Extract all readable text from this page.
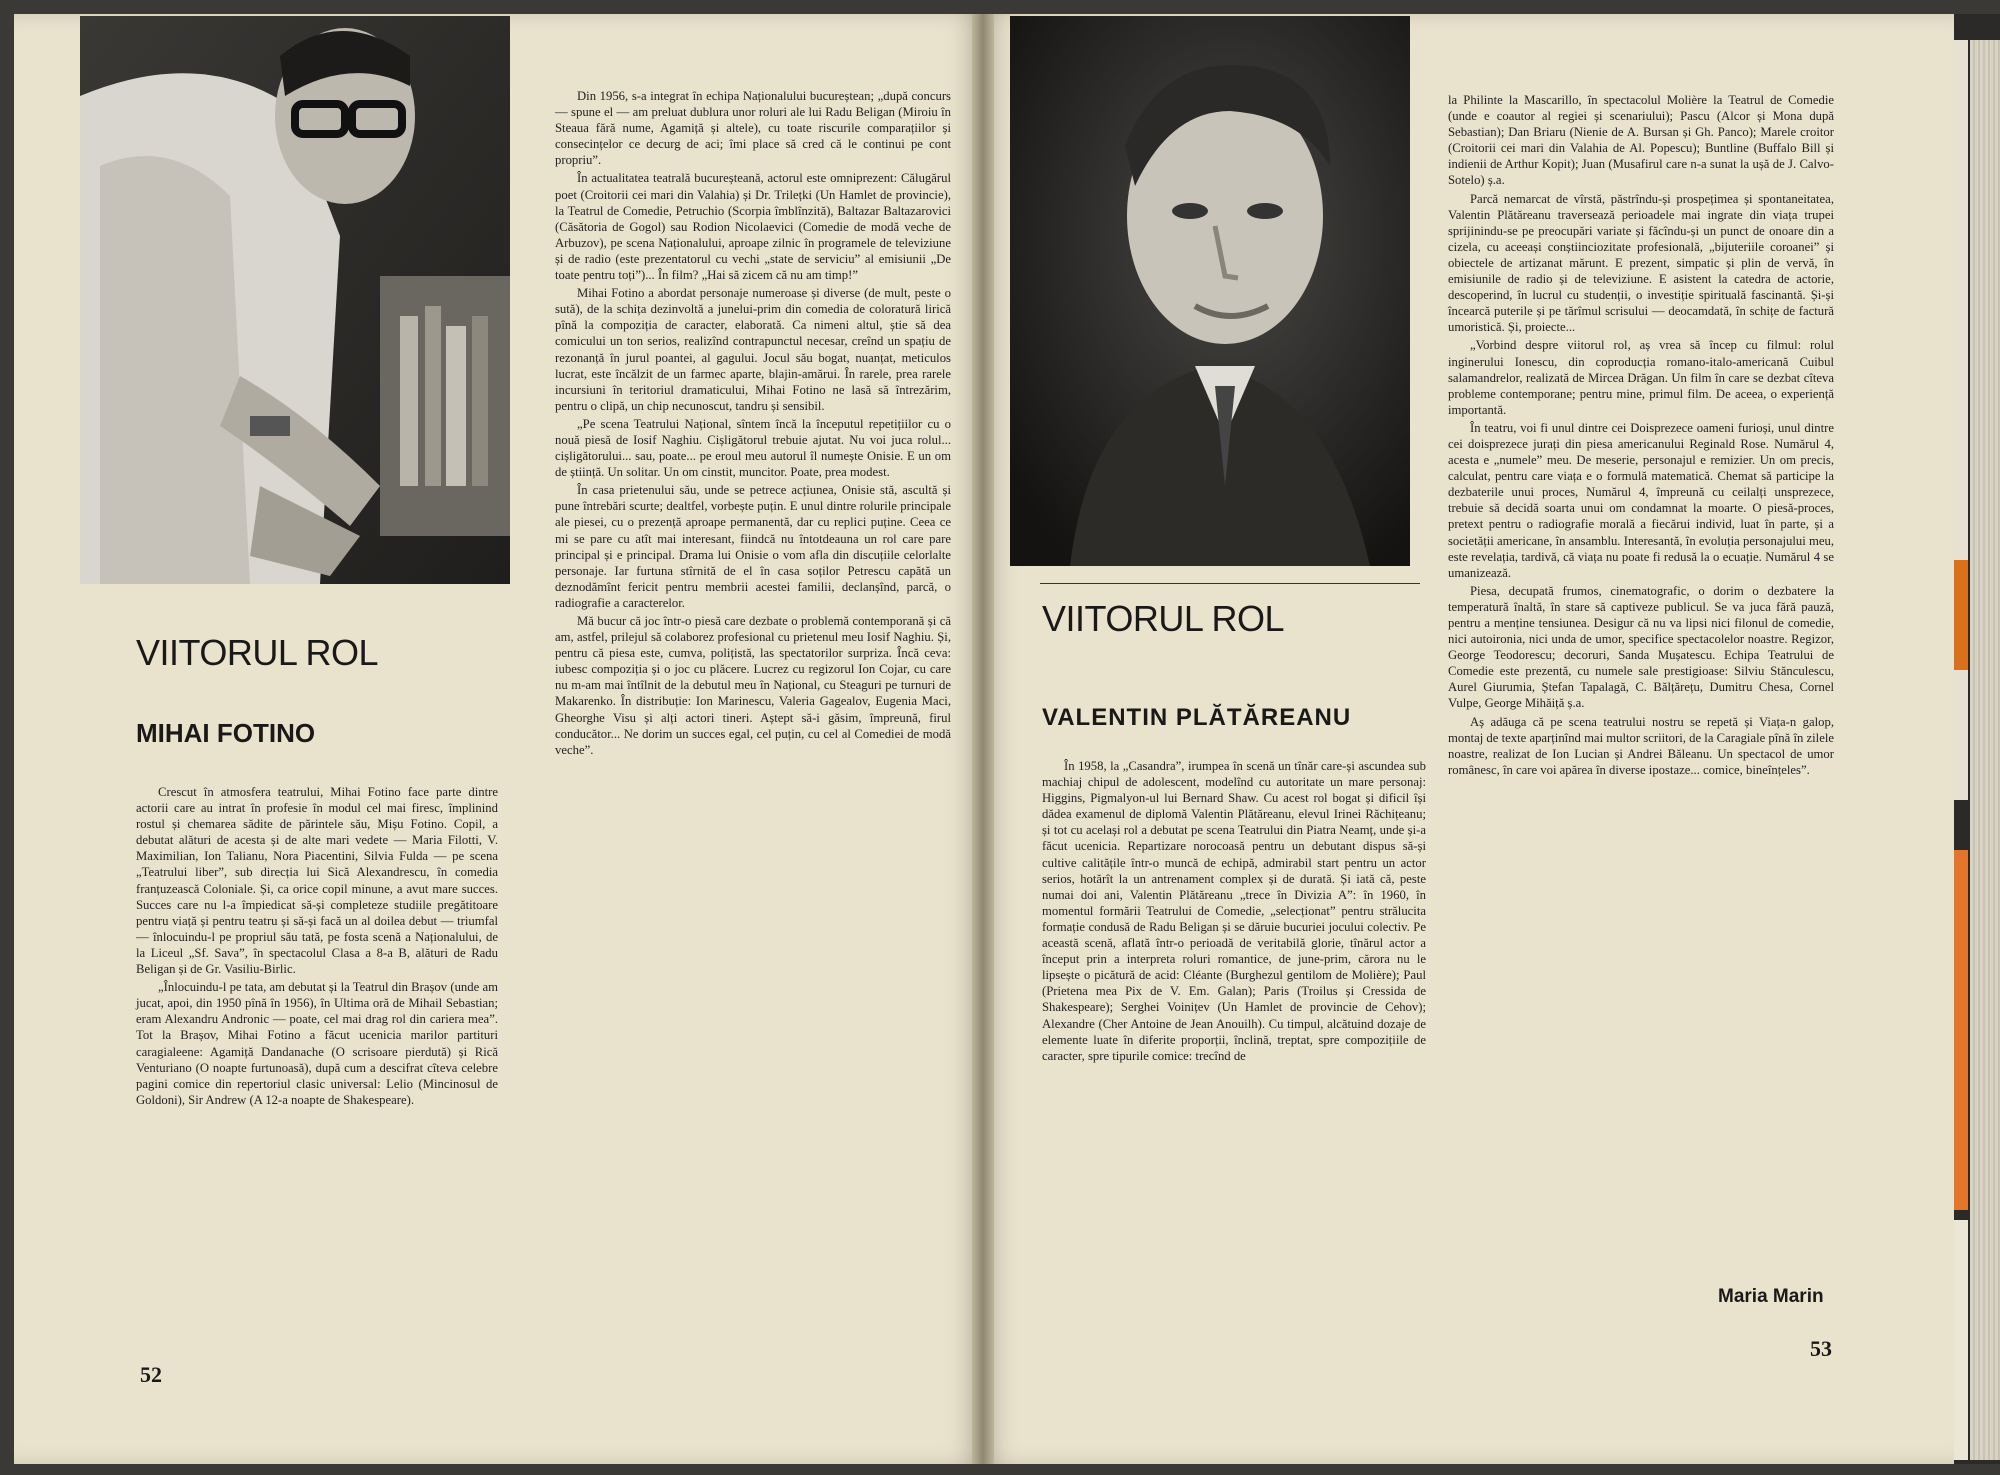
VIITORUL ROL
MIHAI FOTINO

Crescut în atmosfera teatrului, Mihai Fotino face parte dintre actorii care au intrat în profesie în modul cel mai firesc, împlinind rostul și chemarea sădite de părintele său, Mișu Fotino. Copil, a debutat alături de acesta și de alte mari vedete — Maria Filotti, V. Maximilian, Ion Talianu, Nora Piacentini, Silvia Fulda — pe scena „Teatrului liber”, sub direcția lui Sică Alexandrescu, în comedia franțuzească Coloniale. Și, ca orice copil minune, a avut mare succes. Succes care nu l-a împiedicat să-și completeze studiile pregătitoare pentru viață și pentru teatru și să-și facă un al doilea debut — triumfal — înlocuindu-l pe propriul său tată, pe fosta scenă a Naționalului, de la Liceul „Sf. Sava”, în spectacolul Clasa a 8-a B, alături de Radu Beligan și de Gr. Vasiliu-Birlic.

„Înlocuindu-l pe tata, am debutat și la Teatrul din Brașov (unde am jucat, apoi, din 1950 pînă în 1956), în Ultima oră de Mihail Sebastian; eram Alexandru Andronic — poate, cel mai drag rol din cariera mea”. Tot la Brașov, Mihai Fotino a făcut ucenicia marilor partituri caragialeene: Agamiță Dandanache (O scrisoare pierdută) și Rică Venturiano (O noapte furtunoasă), după cum a descifrat cîteva celebre pagini comice din repertoriul clasic universal: Lelio (Mincinosul de Goldoni), Sir Andrew (A 12-a noapte de Shakespeare).

Din 1956, s-a integrat în echipa Naționalului bucureștean; „după concurs — spune el — am preluat dublura unor roluri ale lui Radu Beligan (Miroiu în Steaua fără nume, Agamiță și altele), cu toate riscurile comparațiilor și consecințelor ce decurg de aci; îmi place să cred că le continui pe cont propriu”.

În actualitatea teatrală bucureșteană, actorul este omniprezent: Călugărul poet (Croitorii cei mari din Valahia) și Dr. Trilețki (Un Hamlet de provincie), la Teatrul de Comedie, Petruchio (Scorpia îmblînzită), Baltazar Baltazarovici (Căsătoria de Gogol) sau Rodion Nicolaevici (Comedie de modă veche de Arbuzov), pe scena Naționalului, aproape zilnic în programele de televiziune și de radio (este prezentatorul cu vechi „state de serviciu” al emisiunii „De toate pentru toți”)... În film? „Hai să zicem că nu am timp!”

Mihai Fotino a abordat personaje numeroase și diverse (de mult, peste o sută), de la schița dezinvoltă a junelui-prim din comedia de coloratură lirică pînă la compoziția de caracter, elaborată. Ca nimeni altul, știe să dea comicului un ton serios, realizînd contrapunctul necesar, creînd un spațiu de rezonanță în jurul poantei, al gagului. Jocul său bogat, nuanțat, meticulos lucrat, este încălzit de un farmec aparte, blajin-amărui. În rarele, prea rarele incursiuni în teritoriul dramaticului, Mihai Fotino ne lasă să întrezărim, pentru o clipă, un chip necunoscut, tandru și sensibil.

„Pe scena Teatrului Național, sîntem încă la începutul repetițiilor cu o nouă piesă de Iosif Naghiu. Cișligătorul trebuie ajutat. Nu voi juca rolul... cișligătorului... sau, poate... pe eroul meu autorul îl numește Onisie. E un om de știință. Un solitar. Un om cinstit, muncitor. Poate, prea modest.

În casa prietenului său, unde se petrece acțiunea, Onisie stă, ascultă și pune întrebări scurte; dealtfel, vorbește puțin. E unul dintre rolurile principale ale piesei, cu o prezență aproape permanentă, dar cu replici puține. Ceea ce mi se pare cu atît mai interesant, fiindcă nu întotdeauna un rol care pare principal și e principal. Drama lui Onisie o vom afla din discuțiile celorlalte personaje. Iar furtuna stîrnită de el în casa soților Petrescu capătă un deznodămînt fericit pentru membrii acestei familii, declanșînd, parcă, o radiografie a caracterelor.

Mă bucur că joc într-o piesă care dezbate o problemă contemporană și că am, astfel, prilejul să colaborez profesional cu prietenul meu Iosif Naghiu. Și, pentru că piesa este, cumva, polițistă, las spectatorilor surpriza. Încă ceva: iubesc compoziția și o joc cu plăcere. Lucrez cu regizorul Ion Cojar, cu care nu m-am mai întîlnit de la debutul meu în Național, cu Steaguri pe turnuri de Makarenko. În distribuție: Ion Marinescu, Valeria Gagealov, Eugenia Maci, Gheorghe Visu și alți actori tineri. Aștept să-i găsim, împreună, firul conducător... Ne dorim un succes egal, cel puțin, cu cel al Comediei de modă veche”.

52
VIITORUL ROL
VALENTIN PLĂTĂREANU

În 1958, la „Casandra”, irumpea în scenă un tînăr care-și ascundea sub machiaj chipul de adolescent, modelînd cu autoritate un mare personaj: Higgins, Pigmalyon-ul lui Bernard Shaw. Cu acest rol bogat și dificil își dădea examenul de diplomă Valentin Plătăreanu, elevul Irinei Răchițeanu; și tot cu același rol a debutat pe scena Teatrului din Piatra Neamț, unde și-a făcut ucenicia. Repartizare norocoasă pentru un debutant dispus să-și cultive calitățile într-o muncă de echipă, admirabil start pentru un actor serios, hotărît la un antrenament complex și de durată. Și iată că, peste numai doi ani, Valentin Plătăreanu „trece în Divizia A”: în 1960, în momentul formării Teatrului de Comedie, „selecționat” pentru strălucita formație condusă de Radu Beligan și se dăruie bucuriei jocului colectiv. Pe această scenă, aflată într-o perioadă de veritabilă glorie, tînărul actor a început prin a interpreta roluri romantice, de june-prim, cărora nu le lipsește o picătură de acid: Cléante (Burghezul gentilom de Molière); Paul (Prietena mea Pix de V. Em. Galan); Paris (Troilus și Cressida de Shakespeare); Serghei Voinițev (Un Hamlet de provincie de Cehov); Alexandre (Cher Antoine de Jean Anouilh). Cu timpul, alcătuind dozaje de elemente luate în diferite proporții, înclină, treptat, spre compozițiile de caracter, spre tipurile comice: trecînd de

la Philinte la Mascarillo, în spectacolul Molière la Teatrul de Comedie (unde e coautor al regiei și scenariului); Pascu (Alcor și Mona după Sebastian); Dan Briaru (Nienie de A. Bursan și Gh. Panco); Marele croitor (Croitorii cei mari din Valahia de Al. Popescu); Buntline (Buffalo Bill și indienii de Arthur Kopit); Juan (Musafirul care n-a sunat la ușă de J. Calvo-Sotelo) ș.a.

Parcă nemarcat de vîrstă, păstrîndu-și prospețimea și spontaneitatea, Valentin Plătăreanu traversează perioadele mai ingrate din viața trupei sprijinindu-se pe preocupări variate și făcîndu-și un punct de onoare din a cizela, cu aceeași conștiinciozitate profesională, „bijuteriile coroanei” și obiectele de artizanat mărunt. E prezent, simpatic și plin de vervă, în emisiunile de radio și de televiziune. E asistent la catedra de actorie, descoperind, în lucrul cu studenții, o investiție spirituală fascinantă. Și-și încearcă puterile și pe tărîmul scrisului — deocamdată, în schițe de factură umoristică. Și, proiecte...

„Vorbind despre viitorul rol, aș vrea să încep cu filmul: rolul inginerului Ionescu, din coproducția romano-italo-americană Cuibul salamandrelor, realizată de Mircea Drăgan. Un film în care se dezbat cîteva probleme contemporane; pentru mine, primul film. De aceea, o experiență importantă.

În teatru, voi fi unul dintre cei Doisprezece oameni furioși, unul dintre cei doisprezece jurați din piesa americanului Reginald Rose. Numărul 4, acesta e „numele” meu. De meserie, personajul e remizier. Un om precis, calculat, pentru care viața e o formulă matematică. Chemat să participe la dezbaterile unui proces, Numărul 4, împreună cu ceilalți unsprezece, trebuie să decidă soarta unui om condamnat la moarte. O piesă-proces, pretext pentru o radiografie morală a fiecărui individ, luat în parte, și a societății americane, în ansamblu. Interesantă, în evoluția personajului meu, este revelația, tardivă, că viața nu poate fi redusă la o ecuație. Numărul 4 se umanizează.

Piesa, decupată frumos, cinematografic, o dorim o dezbatere la temperatură înaltă, în stare să captiveze publicul. Se va juca fără pauză, pentru a menține tensiunea. Desigur că nu va lipsi nici filonul de comedie, nici autoironia, nici unda de umor, specifice spectacolelor noastre. Regizor, George Teodorescu; decoruri, Sanda Mușatescu. Echipa Teatrului de Comedie este prezentă, cu numele sale prestigioase: Silviu Stănculescu, Aurel Giurumia, Ștefan Tapalagă, C. Bălțărețu, Dumitru Chesa, Cornel Vulpe, George Mihăiță ș.a.

Aș adăuga că pe scena teatrului nostru se repetă și Viața-n galop, montaj de texte aparținînd mai multor scriitori, de la Caragiale pînă în zilele noastre, realizat de Ion Lucian și Andrei Băleanu. Un spectacol de umor românesc, în care voi apărea în diverse ipostaze... comice, bineînțeles”.

Maria Marin
53
